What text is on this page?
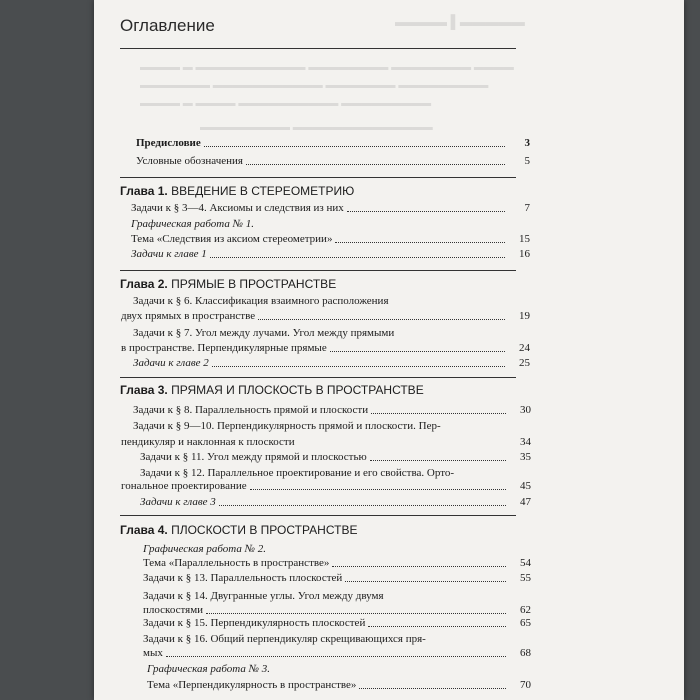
▬▬▬▬ ▌▬▬▬▬▬
▬▬▬▬ ▬ ▬▬▬▬▬▬▬▬▬▬▬ ▬▬▬▬▬▬▬▬ ▬▬▬▬▬▬▬▬ ▬▬▬▬
▬▬▬▬▬▬▬ ▬▬▬▬▬▬▬▬▬▬▬ ▬▬▬▬▬▬▬ ▬▬▬▬▬▬▬▬▬
▬▬▬▬ ▬ ▬▬▬▬ ▬▬▬▬▬▬▬▬▬▬ ▬▬▬▬▬▬▬▬▬
▬▬▬▬▬▬▬▬▬ ▬▬▬▬▬▬▬▬▬▬▬▬▬▬
Оглавление
Предисловие	3
Условные обозначения	5
Глава 1. ВВЕДЕНИЕ В СТЕРЕОМЕТРИЮ
Задачи к § 3—4. Аксиомы и следствия из них	7
Графическая работа № 1.
Тема «Следствия из аксиом стереометрии»	15
Задачи к главе 1	16
Глава 2. ПРЯМЫЕ В ПРОСТРАНСТВЕ
Задачи к § 6. Классификация взаимного расположения
двух прямых в пространстве	19
Задачи к § 7. Угол между лучами. Угол между прямыми
в пространстве. Перпендикулярные прямые	24
Задачи к главе 2	25
Глава 3. ПРЯМАЯ И ПЛОСКОСТЬ В ПРОСТРАНСТВЕ
Задачи к § 8. Параллельность прямой и плоскости	30
Задачи к § 9—10. Перпендикулярность прямой и плоскости. Пер-
пендикуляр и наклонная к плоскости	34
Задачи к § 11. Угол между прямой и плоскостью	35
Задачи к § 12. Параллельное проектирование и его свойства. Орто-
гональное проектирование	45
Задачи к главе 3	47
Глава 4. ПЛОСКОСТИ В ПРОСТРАНСТВЕ
Графическая работа № 2.
Тема «Параллельность в пространстве»	54
Задачи к § 13. Параллельность плоскостей	55
Задачи к § 14. Двугранные углы. Угол между двумя
плоскостями	62
Задачи к § 15. Перпендикулярность плоскостей	65
Задачи к § 16. Общий перпендикуляр скрещивающихся пря-
мых	68
Графическая работа № 3.
Тема «Перпендикулярность в пространстве»	70
